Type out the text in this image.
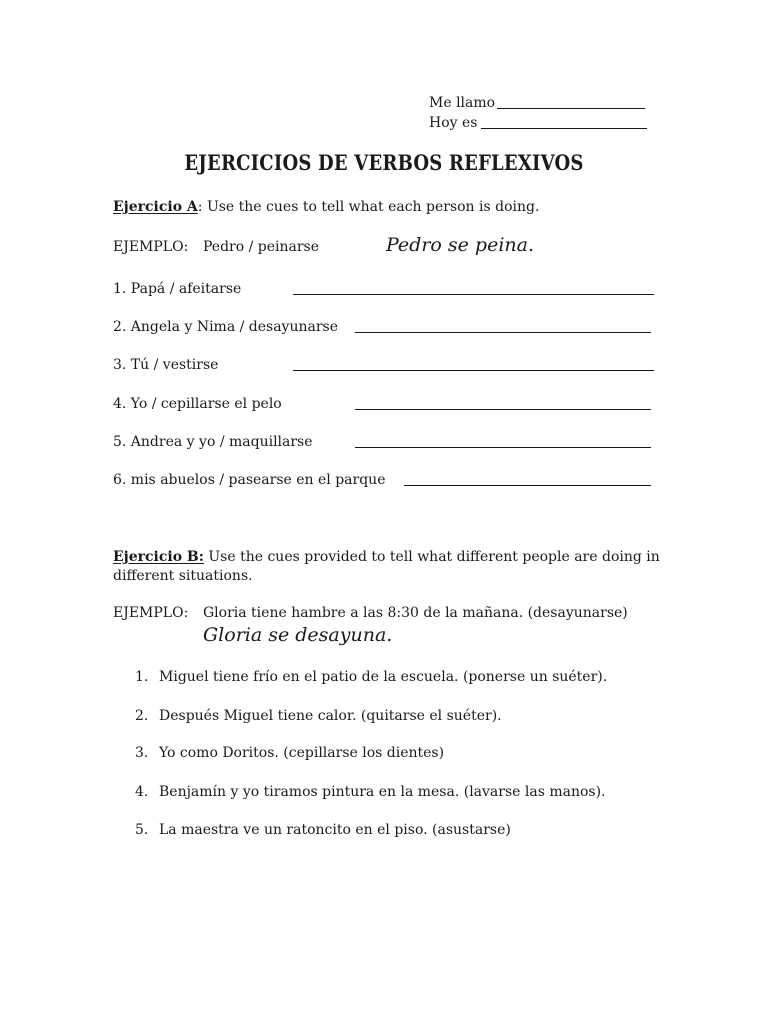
Me llamo
Hoy es
EJERCICIOS DE VERBOS REFLEXIVOS
Ejercicio A: Use the cues to tell what each person is doing.
EJEMPLO: Pedro / peinarse	Pedro se peina.
1. Papá / afeitarse
2. Angela y Nima / desayunarse
3. Tú / vestirse
4. Yo / cepillarse el pelo
5. Andrea y yo / maquillarse
6. mis abuelos / pasearse en el parque
Ejercicio B: Use the cues provided to tell what different people are doing in different situations.
EJEMPLO: Gloria tiene hambre a las 8:30 de la mañana. (desayunarse)
Gloria se desayuna.
1. Miguel tiene frío en el patio de la escuela. (ponerse un suéter).
2. Después Miguel tiene calor. (quitarse el suéter).
3. Yo como Doritos. (cepillarse los dientes)
4. Benjamín y yo tiramos pintura en la mesa. (lavarse las manos).
5. La maestra ve un ratoncito en el piso. (asustarse)
